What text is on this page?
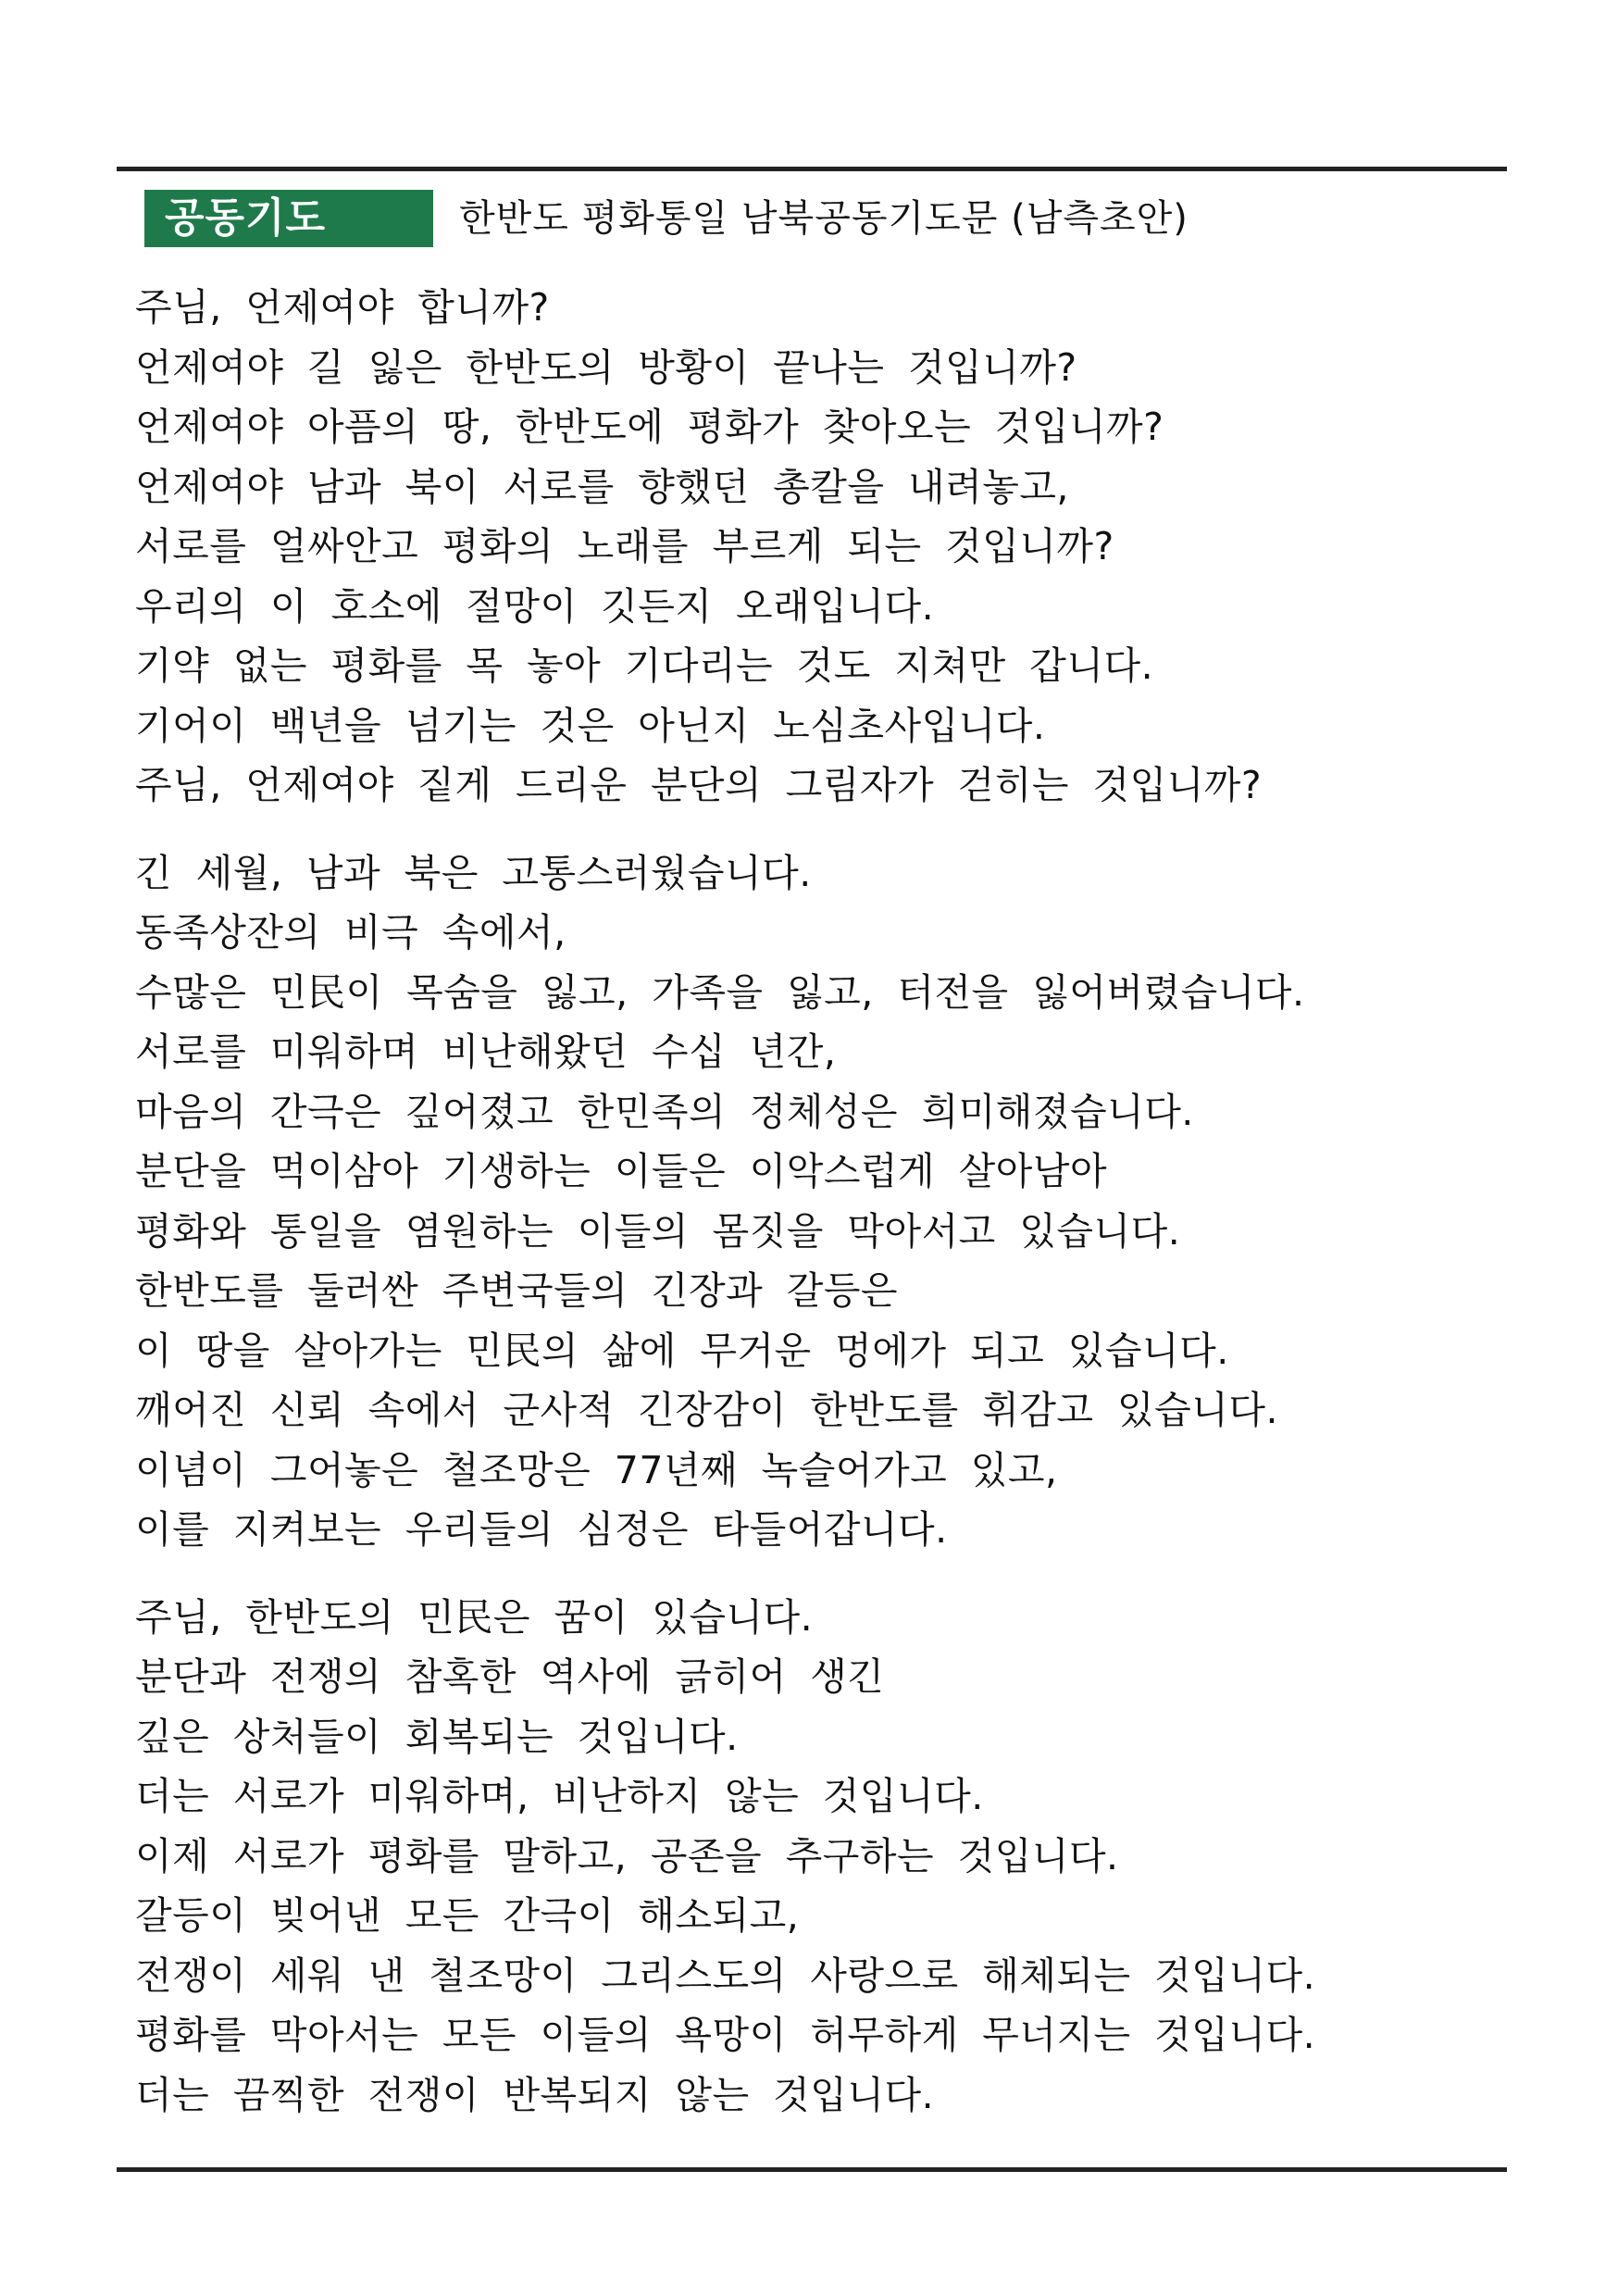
공동기도	한반도 평화통일 남북공동기도문 (남측초안)
주님, 언제여야 합니까?
언제여야 길 잃은 한반도의 방황이 끝나는 것입니까?
언제여야 아픔의 땅, 한반도에 평화가 찾아오는 것입니까?
언제여야 남과 북이 서로를 향했던 총칼을 내려놓고,
서로를 얼싸안고 평화의 노래를 부르게 되는 것입니까?
우리의 이 호소에 절망이 깃든지 오래입니다.
기약 없는 평화를 목 놓아 기다리는 것도 지쳐만 갑니다.
기어이 백년을 넘기는 것은 아닌지 노심초사입니다.
주님, 언제여야 짙게 드리운 분단의 그림자가 걷히는 것입니까?
긴 세월, 남과 북은 고통스러웠습니다.
동족상잔의 비극 속에서,
수많은 민民이 목숨을 잃고, 가족을 잃고, 터전을 잃어버렸습니다.
서로를 미워하며 비난해왔던 수십 년간,
마음의 간극은 깊어졌고 한민족의 정체성은 희미해졌습니다.
분단을 먹이삼아 기생하는 이들은 이악스럽게 살아남아
평화와 통일을 염원하는 이들의 몸짓을 막아서고 있습니다.
한반도를 둘러싼 주변국들의 긴장과 갈등은
이 땅을 살아가는 민民의 삶에 무거운 멍에가 되고 있습니다.
깨어진 신뢰 속에서 군사적 긴장감이 한반도를 휘감고 있습니다.
이념이 그어놓은 철조망은 77년째 녹슬어가고 있고,
이를 지켜보는 우리들의 심정은 타들어갑니다.
주님, 한반도의 민民은 꿈이 있습니다.
분단과 전쟁의 참혹한 역사에 긁히어 생긴
깊은 상처들이 회복되는 것입니다.
더는 서로가 미워하며, 비난하지 않는 것입니다.
이제 서로가 평화를 말하고, 공존을 추구하는 것입니다.
갈등이 빚어낸 모든 간극이 해소되고,
전쟁이 세워 낸 철조망이 그리스도의 사랑으로 해체되는 것입니다.
평화를 막아서는 모든 이들의 욕망이 허무하게 무너지는 것입니다.
더는 끔찍한 전쟁이 반복되지 않는 것입니다.
